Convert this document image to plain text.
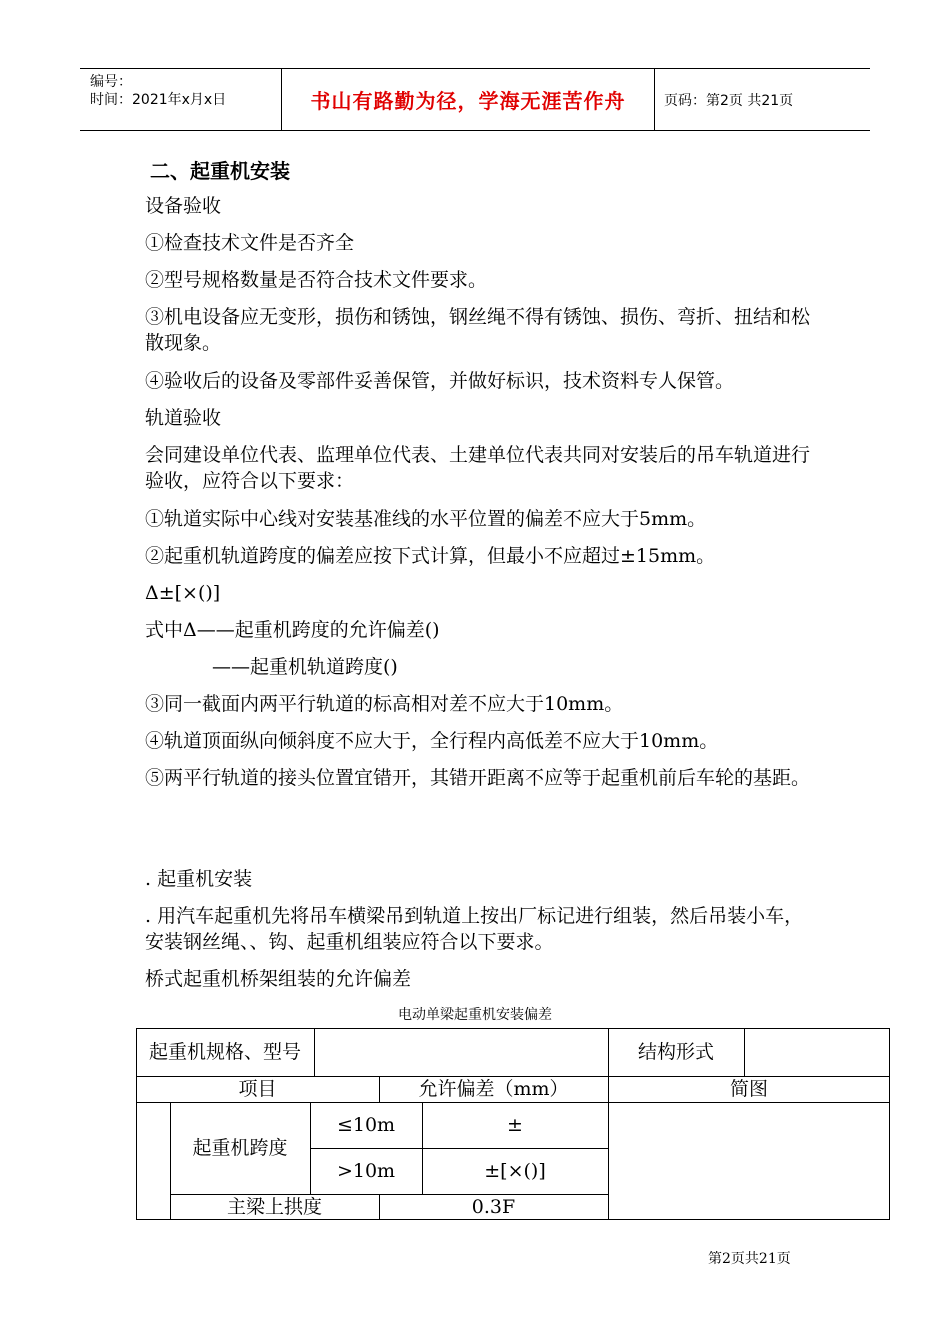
编号：
时间：2021年x月x日	书山有路勤为径，学海无涯苦作舟	页码：第2页 共21页
二、起重机安装
设备验收
①检查技术文件是否齐全
②型号规格数量是否符合技术文件要求。
③机电设备应无变形，损伤和锈蚀，钢丝绳不得有锈蚀、损伤、弯折、扭结和松散现象。
④验收后的设备及零部件妥善保管，并做好标识，技术资料专人保管。
轨道验收
会同建设单位代表、监理单位代表、土建单位代表共同对安装后的吊车轨道进行验收，应符合以下要求：
①轨道实际中心线对安装基准线的水平位置的偏差不应大于5mm。
②起重机轨道跨度的偏差应按下式计算，但最小不应超过±15mm。
Δ±[×()]
式中Δ——起重机跨度的允许偏差()
——起重机轨道跨度()
③同一截面内两平行轨道的标高相对差不应大于10mm。
④轨道顶面纵向倾斜度不应大于，全行程内高低差不应大于10mm。
⑤两平行轨道的接头位置宜错开，其错开距离不应等于起重机前后车轮的基距。
. 起重机安装
. 用汽车起重机先将吊车横梁吊到轨道上按出厂标记进行组装，然后吊装小车，安装钢丝绳、、钩、起重机组装应符合以下要求。
桥式起重机桥架组装的允许偏差
电动单梁起重机安装偏差
起重机规格、型号	结构形式
项目	允许偏差（mm）	简图
起重机跨度
≤10m	±
>10m	±[×()]
主梁上拱度	0.3F
第2页共21页
